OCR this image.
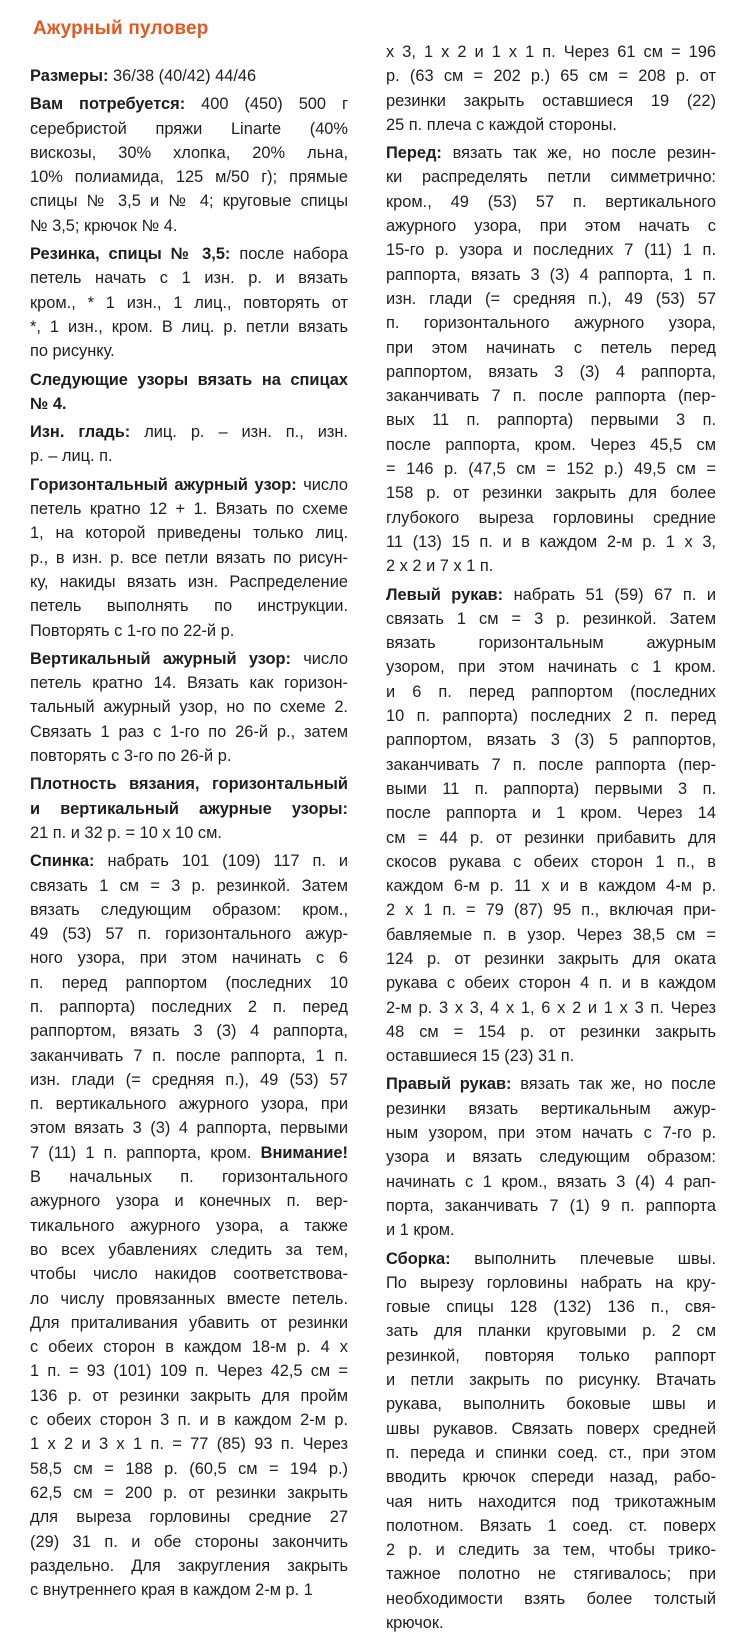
Ажурный пуловер
Размеры: 36/38 (40/42) 44/46
Вам потребуется: 400 (450) 500 г
серебристой пряжи Linarte (40%
вискозы, 30% хлопка, 20% льна,
10% полиамида, 125 м/50 г); прямые
спицы № 3,5 и № 4; круговые спицы
№ 3,5; крючок № 4.
Резинка, спицы № 3,5: после набора
петель начать с 1 изн. р. и вязать
кром., * 1 изн., 1 лиц., повторять от
*, 1 изн., кром. В лиц. р. петли вязать
по рисунку.
Следующие узоры вязать на спицах
№ 4.
Изн. гладь: лиц. р. – изн. п., изн.
р. – лиц. п.
Горизонтальный ажурный узор: число
петель кратно 12 + 1. Вязать по схеме
1, на которой приведены только лиц.
р., в изн. р. все петли вязать по рисун-
ку, накиды вязать изн. Распределение
петель выполнять по инструкции.
Повторять с 1-го по 22-й р.
Вертикальный ажурный узор: число
петель кратно 14. Вязать как горизон-
тальный ажурный узор, но по схеме 2.
Связать 1 раз с 1-го по 26-й р., затем
повторять с 3-го по 26-й р.
Плотность вязания, горизонтальный
и вертикальный ажурные узоры:
21 п. и 32 р. = 10 х 10 см.
Спинка: набрать 101 (109) 117 п. и
связать 1 см = 3 р. резинкой. Затем
вязать следующим образом: кром.,
49 (53) 57 п. горизонтального ажур-
ного узора, при этом начинать с 6
п. перед раппортом (последних 10
п. раппорта) последних 2 п. перед
раппортом, вязать 3 (3) 4 раппорта,
заканчивать 7 п. после раппорта, 1 п.
изн. глади (= средняя п.), 49 (53) 57
п. вертикального ажурного узора, при
этом вязать 3 (3) 4 раппорта, первыми
7 (11) 1 п. раппорта, кром. Внимание!
В начальных п. горизонтального
ажурного узора и конечных п. вер-
тикального ажурного узора, а также
во всех убавлениях следить за тем,
чтобы число накидов соответствова-
ло числу провязанных вместе петель.
Для приталивания убавить от резинки
с обеих сторон в каждом 18-м р. 4 х
1 п. = 93 (101) 109 п. Через 42,5 см =
136 р. от резинки закрыть для пройм
с обеих сторон 3 п. и в каждом 2-м р.
1 х 2 и 3 х 1 п. = 77 (85) 93 п. Через
58,5 см = 188 р. (60,5 см = 194 р.)
62,5 см = 200 р. от резинки закрыть
для выреза горловины средние 27
(29) 31 п. и обе стороны закончить
раздельно. Для закругления закрыть
с внутреннего края в каждом 2-м р. 1
х 3, 1 х 2 и 1 х 1 п. Через 61 см = 196
р. (63 см = 202 р.) 65 см = 208 р. от
резинки закрыть оставшиеся 19 (22)
25 п. плеча с каждой стороны.
Перед: вязать так же, но после резин-
ки распределять петли симметрично:
кром., 49 (53) 57 п. вертикального
ажурного узора, при этом начать с
15-го р. узора и последних 7 (11) 1 п.
раппорта, вязать 3 (3) 4 раппорта, 1 п.
изн. глади (= средняя п.), 49 (53) 57
п. горизонтального ажурного узора,
при этом начинать с петель перед
раппортом, вязать 3 (3) 4 раппорта,
заканчивать 7 п. после раппорта (пер-
вых 11 п. раппорта) первыми 3 п.
после раппорта, кром. Через 45,5 см
= 146 р. (47,5 см = 152 р.) 49,5 см =
158 р. от резинки закрыть для более
глубокого выреза горловины средние
11 (13) 15 п. и в каждом 2-м р. 1 х 3,
2 х 2 и 7 х 1 п.
Левый рукав: набрать 51 (59) 67 п. и
связать 1 см = 3 р. резинкой. Затем
вязать горизонтальным ажурным
узором, при этом начинать с 1 кром.
и 6 п. перед раппортом (последних
10 п. раппорта) последних 2 п. перед
раппортом, вязать 3 (3) 5 раппортов,
заканчивать 7 п. после раппорта (пер-
выми 11 п. раппорта) первыми 3 п.
после раппорта и 1 кром. Через 14
см = 44 р. от резинки прибавить для
скосов рукава с обеих сторон 1 п., в
каждом 6-м р. 11 х и в каждом 4-м р.
2 х 1 п. = 79 (87) 95 п., включая при-
бавляемые п. в узор. Через 38,5 см =
124 р. от резинки закрыть для оката
рукава с обеих сторон 4 п. и в каждом
2-м р. 3 х 3, 4 х 1, 6 х 2 и 1 х 3 п. Через
48 см = 154 р. от резинки закрыть
оставшиеся 15 (23) 31 п.
Правый рукав: вязать так же, но после
резинки вязать вертикальным ажур-
ным узором, при этом начать с 7-го р.
узора и вязать следующим образом:
начинать с 1 кром., вязать 3 (4) 4 рап-
порта, заканчивать 7 (1) 9 п. раппорта
и 1 кром.
Сборка: выполнить плечевые швы.
По вырезу горловины набрать на кру-
говые спицы 128 (132) 136 п., свя-
зать для планки круговыми р. 2 см
резинкой, повторяя только раппорт
и петли закрыть по рисунку. Втачать
рукава, выполнить боковые швы и
швы рукавов. Связать поверх средней
п. переда и спинки соед. ст., при этом
вводить крючок спереди назад, рабо-
чая нить находится под трикотажным
полотном. Вязать 1 соед. ст. поверх
2 р. и следить за тем, чтобы трико-
тажное полотно не стягивалось; при
необходимости взять более толстый
крючок.
